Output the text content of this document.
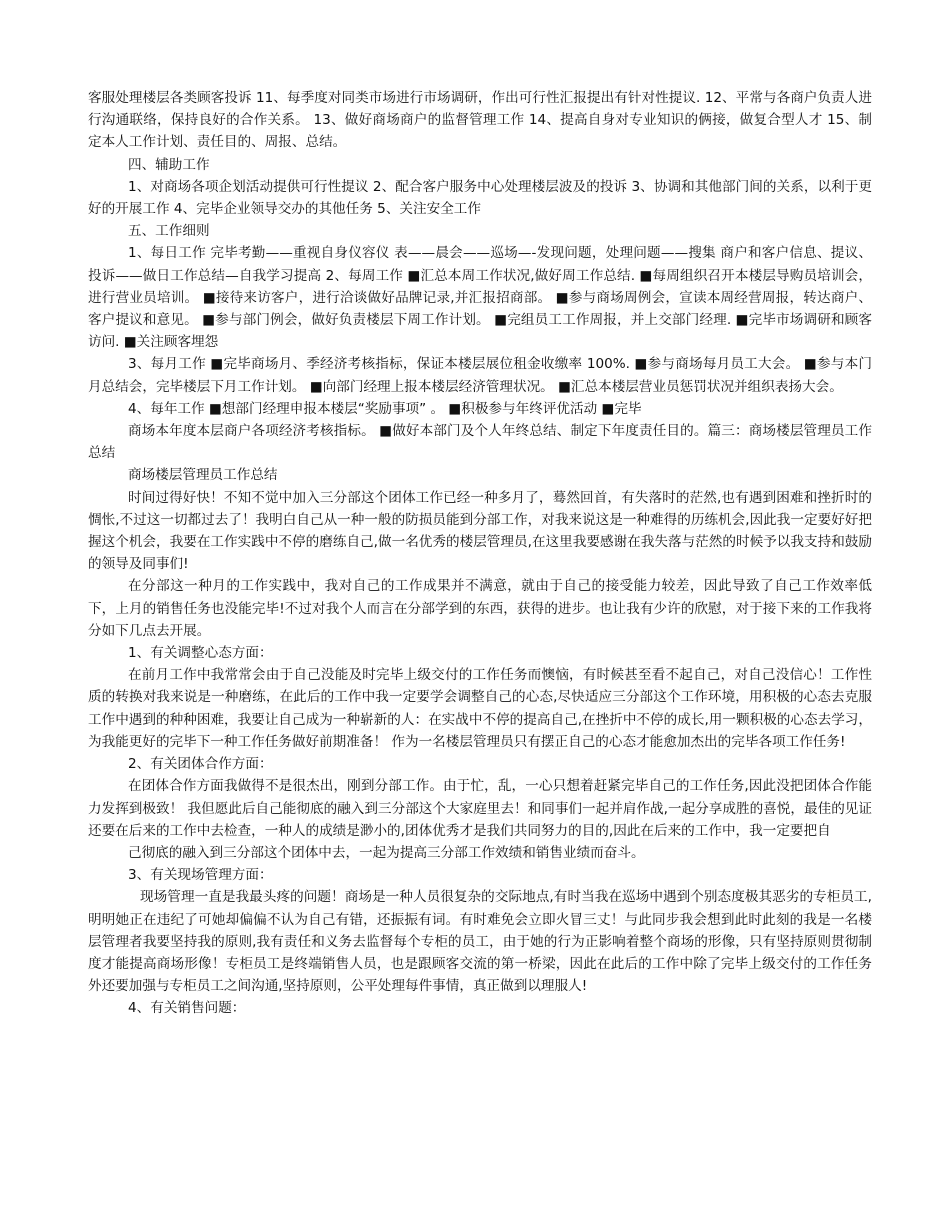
客服处理楼层各类顾客投诉 11、每季度对同类市场进行市场调研，作出可行性汇报提出有针对性提议. 12、平常与各商户负责人进行沟通联络，保持良好的合作关系。 13、做好商场商户的监督管理工作 14、提高自身对专业知识的俩接，做复合型人才 15、制定本人工作计划、责任目的、周报、总结。

四、辅助工作

1、对商场各项企划活动提供可行性提议 2、配合客户服务中心处理楼层波及的投诉 3、协调和其他部门间的关系，以利于更好的开展工作 4、完毕企业领导交办的其他任务 5、关注安全工作

五、工作细则

1、每日工作 完毕考勤——重视自身仪容仪 表——晨会——巡场—-发现问题，处理问题——搜集 商户和客户信息、提议、投诉——做日工作总结—自我学习提高 2、每周工作 ■汇总本周工作状况,做好周工作总结. ■每周组织召开本楼层导购员培训会，进行营业员培训。 ■接待来访客户，进行洽谈做好品牌记录,并汇报招商部。 ■参与商场周例会，宣读本周经营周报，转达商户、客户提议和意见。 ■参与部门例会，做好负责楼层下周工作计划。 ■完组员工工作周报，并上交部门经理. ■完毕市场调研和顾客访问. ■关注顾客埋怨

3、每月工作 ■完毕商场月、季经济考核指标，保证本楼层展位租金收缴率 100%. ■参与商场每月员工大会。 ■参与本门月总结会，完毕楼层下月工作计划。 ■向部门经理上报本楼层经济管理状况。 ■汇总本楼层营业员惩罚状况并组织表扬大会。

4、每年工作 ■想部门经理申报本楼层“奖励事项” 。 ■积极参与年终评优活动 ■完毕

商场本年度本层商户各项经济考核指标。 ■做好本部门及个人年终总结、制定下年度责任目的。篇三：商场楼层管理员工作总结

商场楼层管理员工作总结

时间过得好快！不知不觉中加入三分部这个团体工作已经一种多月了，蓦然回首，有失落时的茫然,也有遇到困难和挫折时的惆怅,不过这一切都过去了！我明白自己从一种一般的防损员能到分部工作，对我来说这是一种难得的历练机会,因此我一定要好好把握这个机会，我要在工作实践中不停的磨练自己,做一名优秀的楼层管理员,在这里我要感谢在我失落与茫然的时候予以我支持和鼓励的领导及同事们!

在分部这一种月的工作实践中，我对自己的工作成果并不满意，就由于自己的接受能力较差，因此导致了自己工作效率低下，上月的销售任务也没能完毕!不过对我个人而言在分部学到的东西，获得的进步。也让我有少许的欣慰，对于接下来的工作我将分如下几点去开展。

1、有关调整心态方面：

在前月工作中我常常会由于自己没能及时完毕上级交付的工作任务而懊恼，有时候甚至看不起自己，对自己没信心！工作性质的转换对我来说是一种磨练，在此后的工作中我一定要学会调整自己的心态,尽快适应三分部这个工作环境，用积极的心态去克服工作中遇到的种种困难，我要让自己成为一种崭新的人：在实战中不停的提高自己,在挫折中不停的成长,用一颗积极的心态去学习，为我能更好的完毕下一种工作任务做好前期准备！ 作为一名楼层管理员只有摆正自己的心态才能愈加杰出的完毕各项工作任务!

2、有关团体合作方面：

在团体合作方面我做得不是很杰出，刚到分部工作。由于忙，乱，一心只想着赶紧完毕自己的工作任务,因此没把团体合作能力发挥到极致！ 我但愿此后自己能彻底的融入到三分部这个大家庭里去！和同事们一起并肩作战,一起分享成胜的喜悦，最佳的见证还要在后来的工作中去检查，一种人的成绩是渺小的,团体优秀才是我们共同努力的目的,因此在后来的工作中，我一定要把自

己彻底的融入到三分部这个团体中去，一起为提高三分部工作效绩和销售业绩而奋斗。

3、有关现场管理方面：

现场管理一直是我最头疼的问题！商场是一种人员很复杂的交际地点,有时当我在巡场中遇到个别态度极其恶劣的专柜员工,明明她正在违纪了可她却偏偏不认为自己有错，还振振有词。有时难免会立即火冒三丈！与此同步我会想到此时此刻的我是一名楼层管理者我要坚持我的原则,我有责任和义务去监督每个专柜的员工，由于她的行为正影响着整个商场的形像，只有坚持原则贯彻制度才能提高商场形像！专柜员工是终端销售人员，也是跟顾客交流的第一桥梁，因此在此后的工作中除了完毕上级交付的工作任务外还要加强与专柜员工之间沟通,坚持原则，公平处理每件事情，真正做到以理服人!

4、有关销售问题：
